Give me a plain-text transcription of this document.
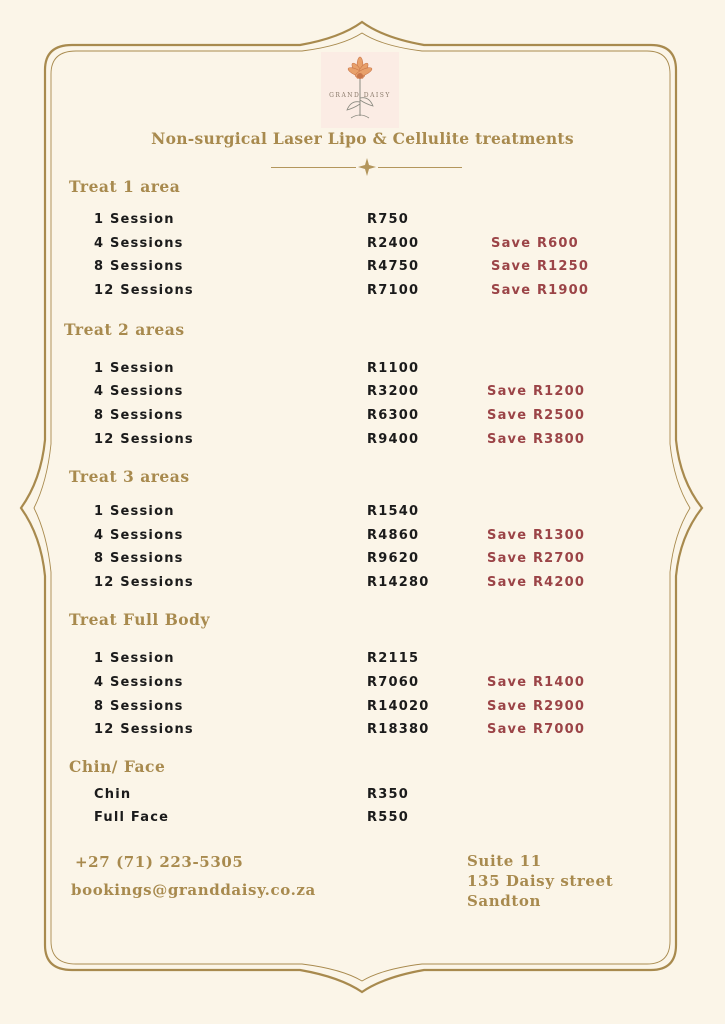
GRAND DAISY
Non-surgical Laser Lipo & Cellulite treatments
Treat 1 area
Treat 2 areas
Treat 3 areas
Treat Full Body
Chin/ Face
1 Session	R750
4 Sessions	R2400	Save R600
8 Sessions	R4750	Save R1250
12 Sessions	R7100	Save R1900
1 Session	R1100
4 Sessions	R3200	Save R1200
8 Sessions	R6300	Save R2500
12 Sessions	R9400	Save R3800
1 Session	R1540
4 Sessions	R4860	Save R1300
8 Sessions	R9620	Save R2700
12 Sessions	R14280	Save R4200
1 Session	R2115
4 Sessions	R7060	Save R1400
8 Sessions	R14020	Save R2900
12 Sessions	R18380	Save R7000
Chin	R350
Full Face	R550
+27 (71) 223-5305
bookings@granddaisy.co.za
Suite 11
135 Daisy street
Sandton
